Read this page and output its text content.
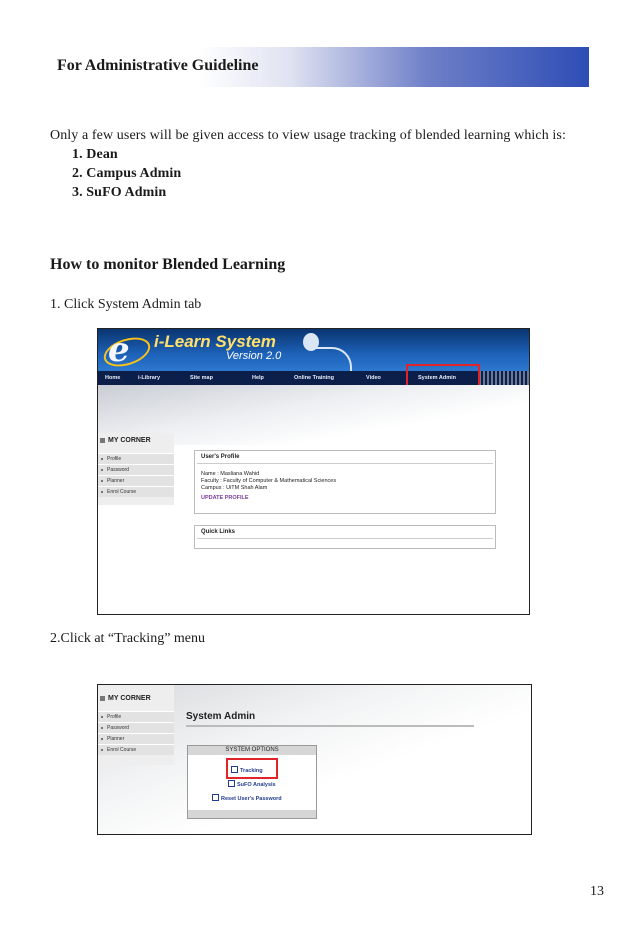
For Administrative Guideline
Only a few users will be given access to view usage tracking of blended learning which is:
1. Dean
2. Campus Admin
3. SuFO Admin
How to monitor Blended Learning
1. Click System Admin tab
2.Click at “Tracking” menu
e i-Learn System
Version 2.0
Home	i-Library	Site map	Help	Online Training	Video	System Admin
MY CORNER
Profile
Password
Planner
Enrol Course
User's Profile
Name : Masliana Wahid
Faculty : Faculty of Computer & Mathematical Sciences
Campus : UiTM Shah Alam
UPDATE PROFILE
Quick Links
MY CORNER
Profile
Password
Planner
Enrol Course
System Admin
SYSTEM OPTIONS
Tracking
SuFO Analysis
Reset User's Password
13
